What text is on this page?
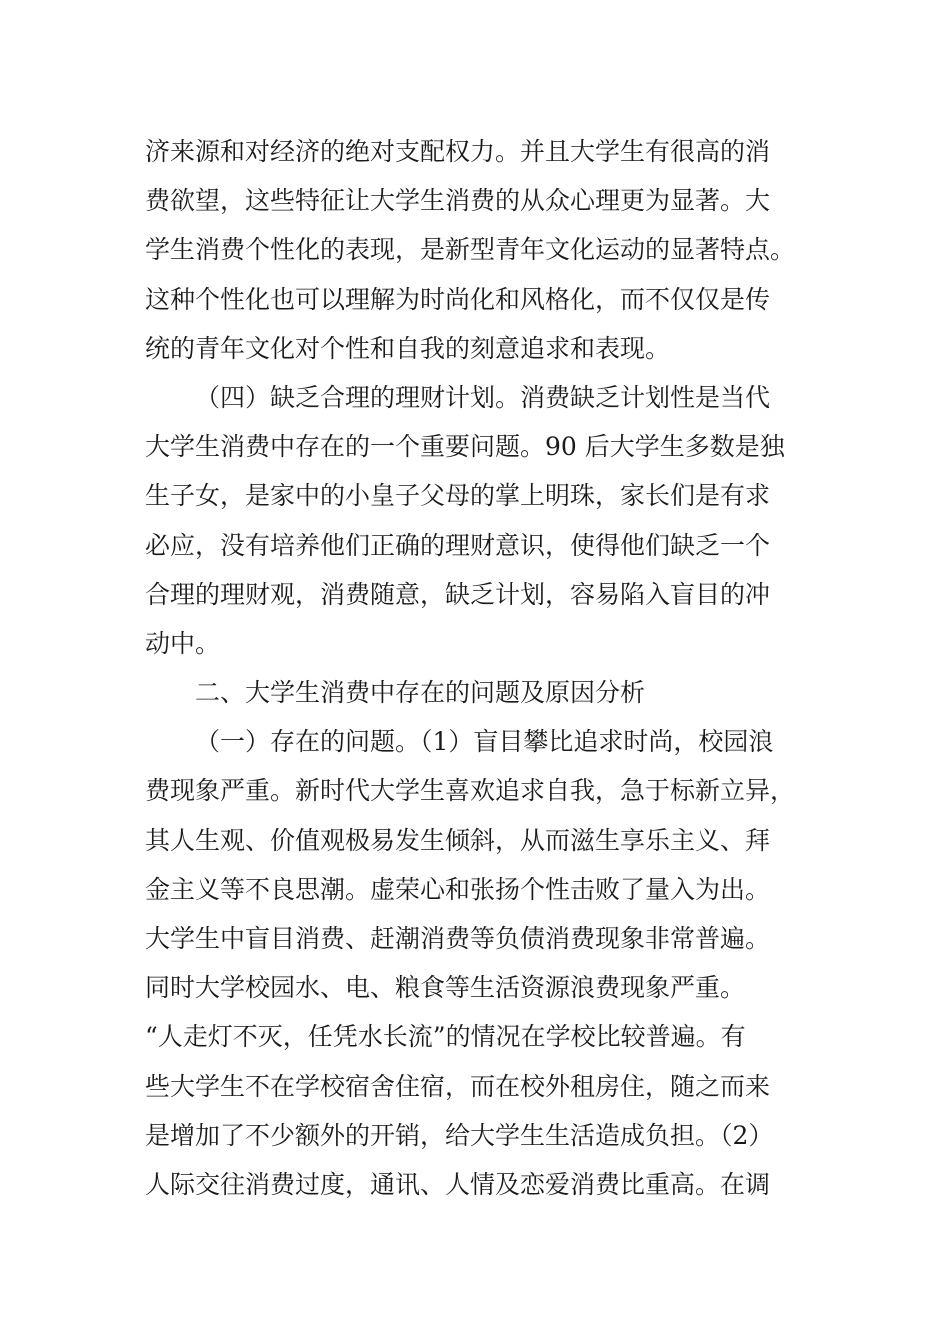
济来源和对经济的绝对支配权力。并且大学生有很高的消
费欲望，这些特征让大学生消费的从众心理更为显著。大
学生消费个性化的表现，是新型青年文化运动的显著特点。
这种个性化也可以理解为时尚化和风格化，而不仅仅是传
统的青年文化对个性和自我的刻意追求和表现。
（四）缺乏合理的理财计划。消费缺乏计划性是当代
大学生消费中存在的一个重要问题。90 后大学生多数是独
生子女，是家中的小皇子父母的掌上明珠，家长们是有求
必应，没有培养他们正确的理财意识，使得他们缺乏一个
合理的理财观，消费随意，缺乏计划，容易陷入盲目的冲
动中。
二、大学生消费中存在的问题及原因分析
（一）存在的问题。（1）盲目攀比追求时尚，校园浪
费现象严重。新时代大学生喜欢追求自我，急于标新立异，
其人生观、价值观极易发生倾斜，从而滋生享乐主义、拜
金主义等不良思潮。虚荣心和张扬个性击败了量入为出。
大学生中盲目消费、赶潮消费等负债消费现象非常普遍。
同时大学校园水、电、粮食等生活资源浪费现象严重。
“人走灯不灭，任凭水长流”的情况在学校比较普遍。有
些大学生不在学校宿舍住宿，而在校外租房住，随之而来
是增加了不少额外的开销，给大学生生活造成负担。（2）
人际交往消费过度，通讯、人情及恋爱消费比重高。在调
